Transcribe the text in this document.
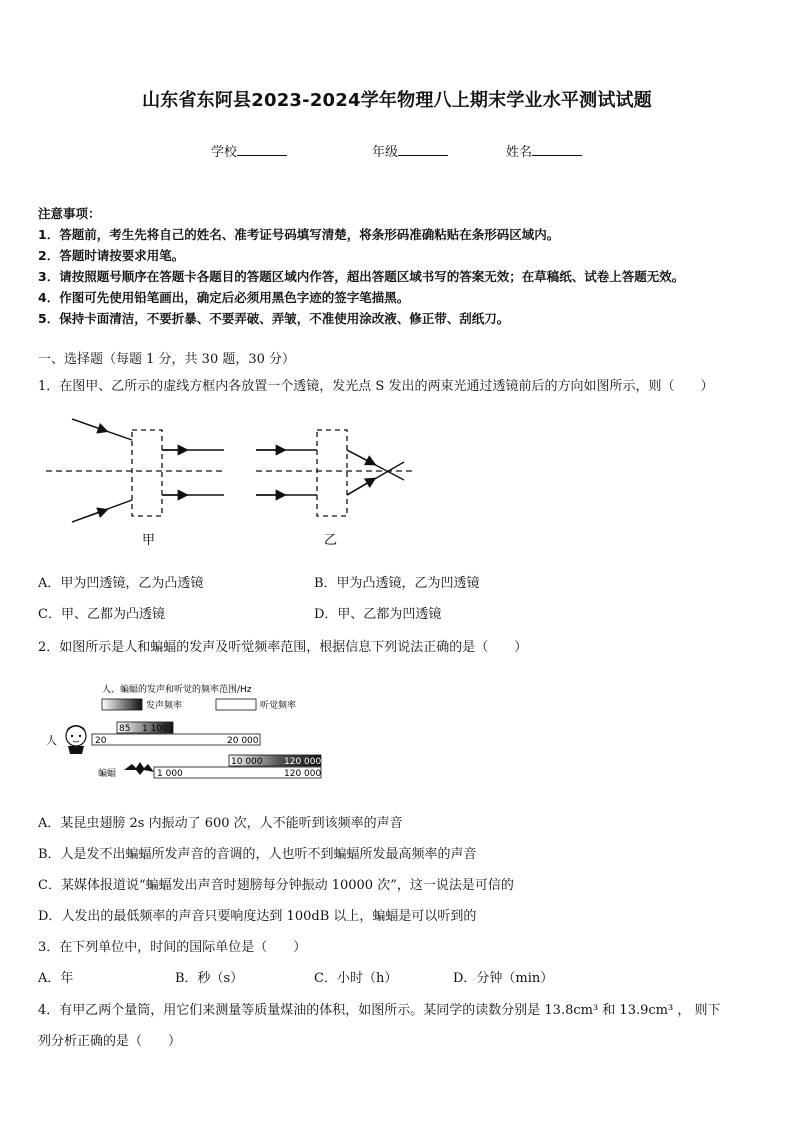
山东省东阿县2023-2024学年物理八上期末学业水平测试试题
学校	年级	姓名
注意事项：
1．答题前，考生先将自己的姓名、准考证号码填写清楚，将条形码准确粘贴在条形码区域内。
2．答题时请按要求用笔。
3．请按照题号顺序在答题卡各题目的答题区域内作答，超出答题区域书写的答案无效；在草稿纸、试卷上答题无效。
4．作图可先使用铅笔画出，确定后必须用黑色字迹的签字笔描黑。
5．保持卡面清洁，不要折暴、不要弄破、弄皱，不准使用涂改液、修正带、刮纸刀。
一、选择题（每题 1 分，共 30 题，30 分）
1．在图甲、乙所示的虚线方框内各放置一个透镜，发光点 S 发出的两束光通过透镜前后的方向如图所示，则（　　）
甲	乙
A．甲为凹透镜，乙为凸透镜	B．甲为凸透镜，乙为凹透镜
C．甲、乙都为凸透镜	D．甲、乙都为凹透镜
2．如图所示是人和蝙蝠的发声及听觉频率范围，根据信息下列说法正确的是（　　）
人、蝙蝠的发声和听觉的频率范围/Hz
发声频率	听觉频率
人
85 1 100
20	20 000
10 000 120 000
1 000	120 000
蝙蝠
A．某昆虫翅膀 2s 内振动了 600 次，人不能听到该频率的声音
B．人是发不出蝙蝠所发声音的音调的，人也听不到蝙蝠所发最高频率的声音
C．某媒体报道说“蝙蝠发出声音时翅膀每分钟振动 10000 次”，这一说法是可信的
D．人发出的最低频率的声音只要响度达到 100dB 以上，蝙蝠是可以听到的
3．在下列单位中，时间的国际单位是（　　）
A．年	B．秒（s）	C．小时（h）	D．分钟（min）
4．有甲乙两个量筒，用它们来测量等质量煤油的体积，如图所示。某同学的读数分别是 13.8cm³ 和 13.9cm³ ， 则下
列分析正确的是（　　）
